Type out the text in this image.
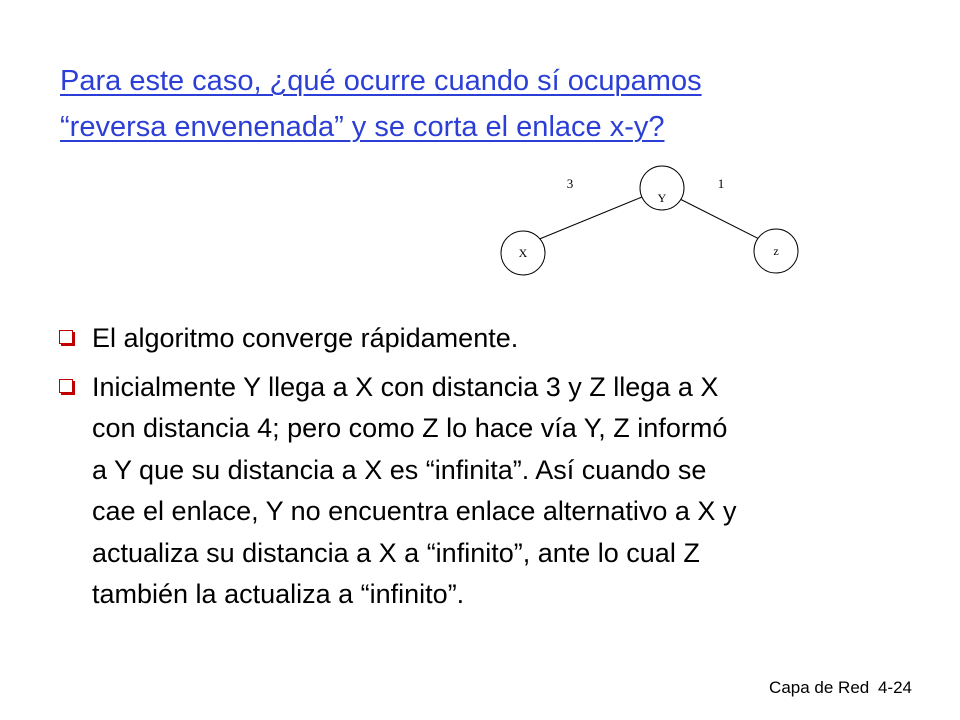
Para este caso, ¿qué ocurre cuando sí ocupamos
“reversa envenenada” y se corta el enlace x-y?
Y
X	z
3	1
El algoritmo converge rápidamente.
Inicialmente Y llega a X con distancia 3 y Z llega a X
con distancia 4; pero como Z lo hace vía Y, Z informó
a Y que su distancia a X es “infinita”. Así cuando se
cae el enlace, Y no encuentra enlace alternativo a X y
actualiza su distancia a X a “infinito”, ante lo cual Z
también la actualiza a “infinito”.
Capa de Red 4-24
